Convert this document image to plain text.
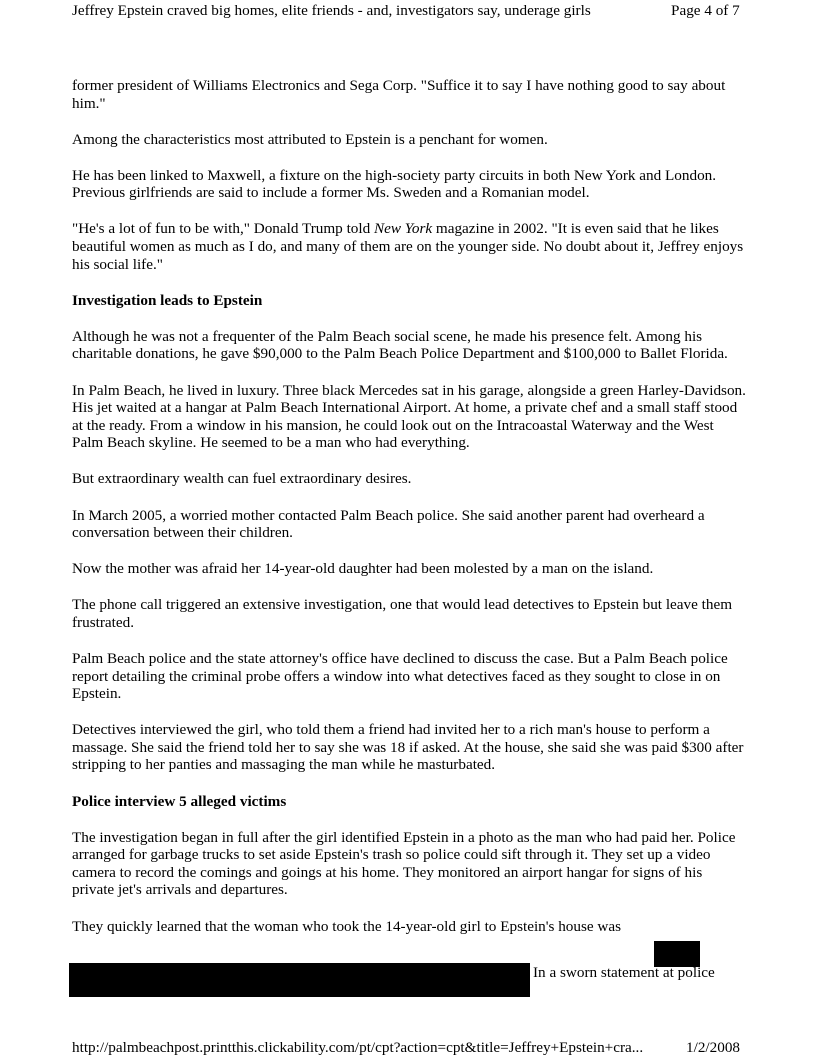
Jeffrey Epstein craved big homes, elite friends - and, investigators say, underage girls	Page 4 of 7

former president of Williams Electronics and Sega Corp. "Suffice it to say I have nothing good to say about him."

Among the characteristics most attributed to Epstein is a penchant for women.

He has been linked to Maxwell, a fixture on the high-society party circuits in both New York and London. Previous girlfriends are said to include a former Ms. Sweden and a Romanian model.

"He's a lot of fun to be with," Donald Trump told New York magazine in 2002. "It is even said that he likes beautiful women as much as I do, and many of them are on the younger side. No doubt about it, Jeffrey enjoys his social life."

Investigation leads to Epstein

Although he was not a frequenter of the Palm Beach social scene, he made his presence felt. Among his charitable donations, he gave $90,000 to the Palm Beach Police Department and $100,000 to Ballet Florida.

In Palm Beach, he lived in luxury. Three black Mercedes sat in his garage, alongside a green Harley-Davidson. His jet waited at a hangar at Palm Beach International Airport. At home, a private chef and a small staff stood at the ready. From a window in his mansion, he could look out on the Intracoastal Waterway and the West Palm Beach skyline. He seemed to be a man who had everything.

But extraordinary wealth can fuel extraordinary desires.

In March 2005, a worried mother contacted Palm Beach police. She said another parent had overheard a conversation between their children.

Now the mother was afraid her 14-year-old daughter had been molested by a man on the island.

The phone call triggered an extensive investigation, one that would lead detectives to Epstein but leave them frustrated.

Palm Beach police and the state attorney's office have declined to discuss the case. But a Palm Beach police report detailing the criminal probe offers a window into what detectives faced as they sought to close in on Epstein.

Detectives interviewed the girl, who told them a friend had invited her to a rich man's house to perform a massage. She said the friend told her to say she was 18 if asked. At the house, she said she was paid $300 after stripping to her panties and massaging the man while he masturbated.

Police interview 5 alleged victims

The investigation began in full after the girl identified Epstein in a photo as the man who had paid her. Police arranged for garbage trucks to set aside Epstein's trash so police could sift through it. They set up a video camera to record the comings and goings at his home. They monitored an airport hangar for signs of his private jet's arrivals and departures.

They quickly learned that the woman who took the 14-year-old girl to Epstein's house was

In a sworn statement at police
http://palmbeachpost.printthis.clickability.com/pt/cpt?action=cpt&title=Jeffrey+Epstein+cra...	1/2/2008
